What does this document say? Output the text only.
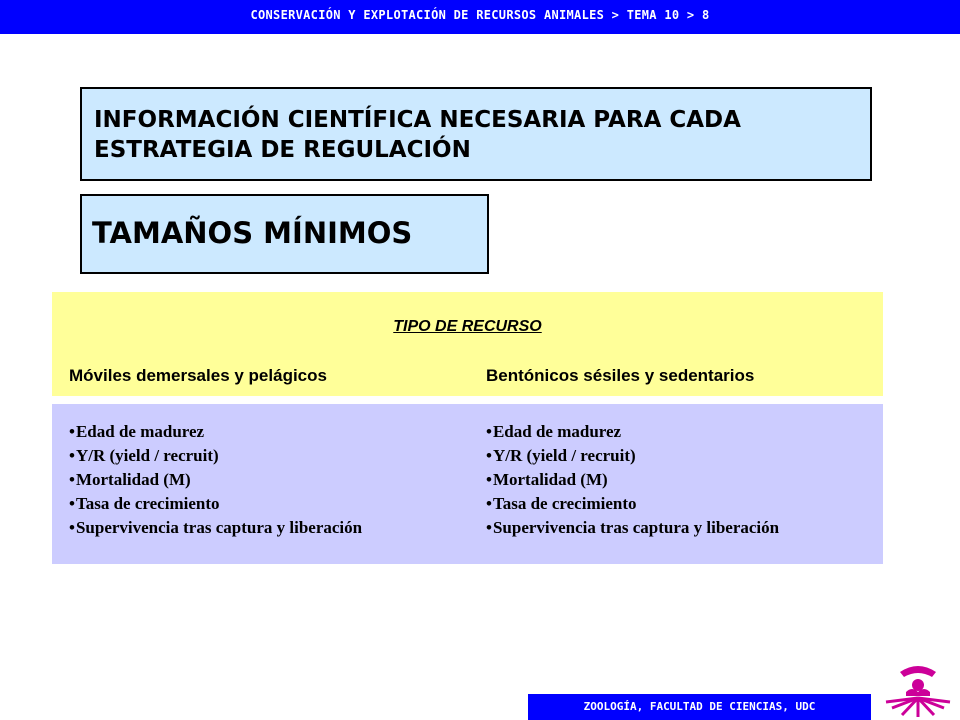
CONSERVACIÓN Y EXPLOTACIÓN DE RECURSOS ANIMALES > TEMA 10 > 8
INFORMACIÓN CIENTÍFICA NECESARIA PARA CADA
ESTRATEGIA DE REGULACIÓN
TAMAÑOS MÍNIMOS
TIPO DE RECURSO
Móviles demersales y pelágicos	Bentónicos sésiles y sedentarios
• Edad de madurez
• Y/R (yield / recruit)
• Mortalidad (M)
• Tasa de crecimiento
• Supervivencia tras captura y liberación
• Edad de madurez
• Y/R (yield / recruit)
• Mortalidad (M)
• Tasa de crecimiento
• Supervivencia tras captura y liberación
ZOOLOGÍA, FACULTAD DE CIENCIAS, UDC
